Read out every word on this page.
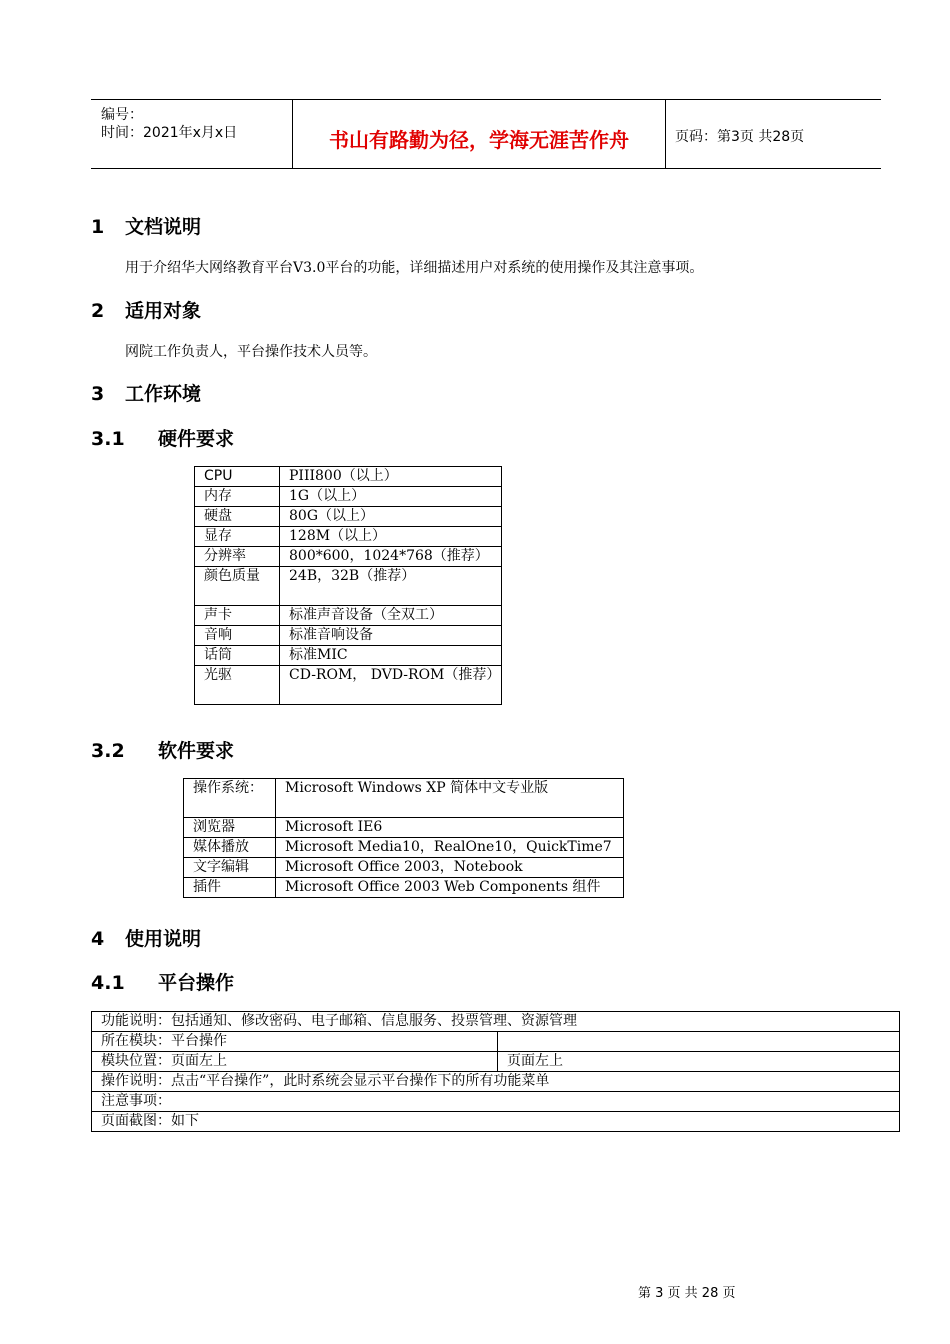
编号：
时间：2021年x月x日	书山有路勤为径，学海无涯苦作舟	页码：第3页 共28页
1 文档说明
用于介绍华大网络教育平台V3.0平台的功能，详细描述用户对系统的使用操作及其注意事项。
2 适用对象
网院工作负责人，平台操作技术人员等。
3 工作环境
3.1 硬件要求
CPU	PIII800（以上）
内存	1G（以上）
硬盘	80G（以上）
显存	128M（以上）
分辨率	800*600，1024*768（推荐）
颜色质量	24B，32B（推荐）
声卡	标准声音设备（全双工）
音响	标准音响设备
话筒	标准MIC
光驱	CD-ROM， DVD-ROM（推荐）
3.2 软件要求
操作系统：	Microsoft Windows XP 简体中文专业版
浏览器	Microsoft IE6
媒体播放	Microsoft Media10，RealOne10，QuickTime7
文字编辑	Microsoft Office 2003，Notebook
插件	Microsoft Office 2003 Web Components 组件
4 使用说明
4.1 平台操作
功能说明：包括通知、修改密码、电子邮箱、信息服务、投票管理、资源管理	
所在模块：平台操作	
模块位置：页面左上	页面左上
操作说明：点击“平台操作”，此时系统会显示平台操作下的所有功能菜单	
注意事项：	
页面截图：如下	
第 3 页 共 28 页
